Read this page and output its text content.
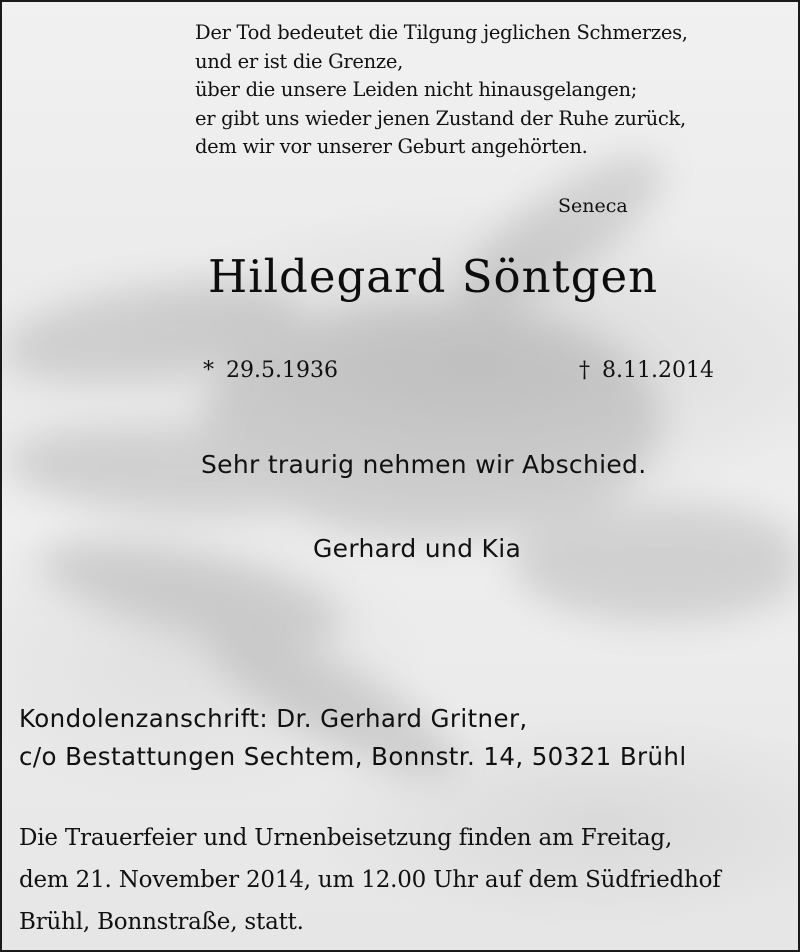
Der Tod bedeutet die Tilgung jeglichen Schmerzes,
und er ist die Grenze,
über die unsere Leiden nicht hinausgelangen;
er gibt uns wieder jenen Zustand der Ruhe zurück,
dem wir vor unserer Geburt angehörten.
Seneca
Hildegard Söntgen
* 29.5.1936	† 8.11.2014
Sehr traurig nehmen wir Abschied.
Gerhard und Kia
Kondolenzanschrift: Dr. Gerhard Gritner,
c/o Bestattungen Sechtem, Bonnstr. 14, 50321 Brühl
Die Trauerfeier und Urnenbeisetzung finden am Freitag,
dem 21. November 2014, um 12.00 Uhr auf dem Südfriedhof
Brühl, Bonnstraße, statt.
